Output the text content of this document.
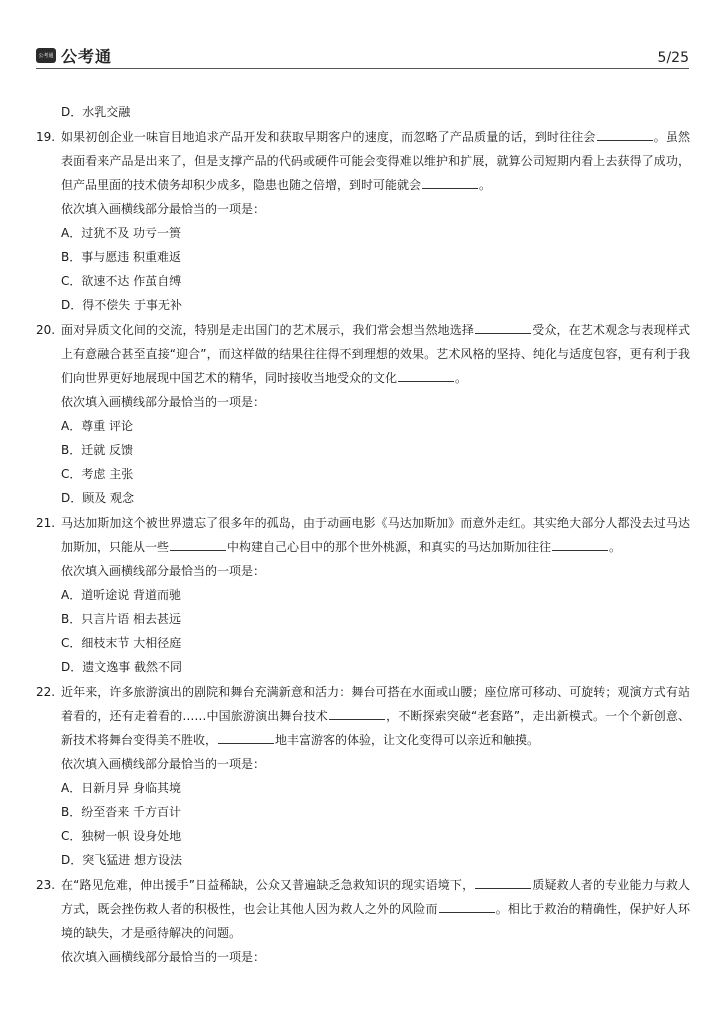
公考通 公考通	5/25
D．水乳交融
19. 如果初创企业一味盲目地追求产品开发和获取早期客户的速度，而忽略了产品质量的话，到时往往会	。虽然表面看来产品是出来了，但是支撑产品的代码或硬件可能会变得难以维护和扩展，就算公司短期内看上去获得了成功，但产品里面的技术债务却积少成多，隐患也随之倍增，到时可能就会	。
依次填入画横线部分最恰当的一项是：
A．过犹不及 功亏一篑
B．事与愿违 积重难返
C．欲速不达 作茧自缚
D．得不偿失 于事无补
20. 面对异质文化间的交流，特别是走出国门的艺术展示，我们常会想当然地选择	受众，在艺术观念与表现样式上有意融合甚至直接“迎合”，而这样做的结果往往得不到理想的效果。艺术风格的坚持、纯化与适度包容，更有利于我们向世界更好地展现中国艺术的精华，同时接收当地受众的文化	。
依次填入画横线部分最恰当的一项是：
A．尊重 评论
B．迁就 反馈
C．考虑 主张
D．顾及 观念
21. 马达加斯加这个被世界遗忘了很多年的孤岛，由于动画电影《马达加斯加》而意外走红。其实绝大部分人都没去过马达加斯加，只能从一些	中构建自己心目中的那个世外桃源，和真实的马达加斯加往往	。
依次填入画横线部分最恰当的一项是：
A．道听途说 背道而驰
B．只言片语 相去甚远
C．细枝末节 大相径庭
D．遗文逸事 截然不同
22. 近年来，许多旅游演出的剧院和舞台充满新意和活力：舞台可搭在水面或山腰；座位席可移动、可旋转；观演方式有站着看的，还有走着看的……中国旅游演出舞台技术	，不断探索突破“老套路”，走出新模式。一个个新创意、新技术将舞台变得美不胜收，	地丰富游客的体验，让文化变得可以亲近和触摸。
依次填入画横线部分最恰当的一项是：
A．日新月异 身临其境
B．纷至沓来 千方百计
C．独树一帜 设身处地
D．突飞猛进 想方设法
23. 在“路见危难，伸出援手”日益稀缺，公众又普遍缺乏急救知识的现实语境下，	质疑救人者的专业能力与救人方式，既会挫伤救人者的积极性，也会让其他人因为救人之外的风险而	。相比于救治的精确性，保护好人环境的缺失，才是亟待解决的问题。
依次填入画横线部分最恰当的一项是：
